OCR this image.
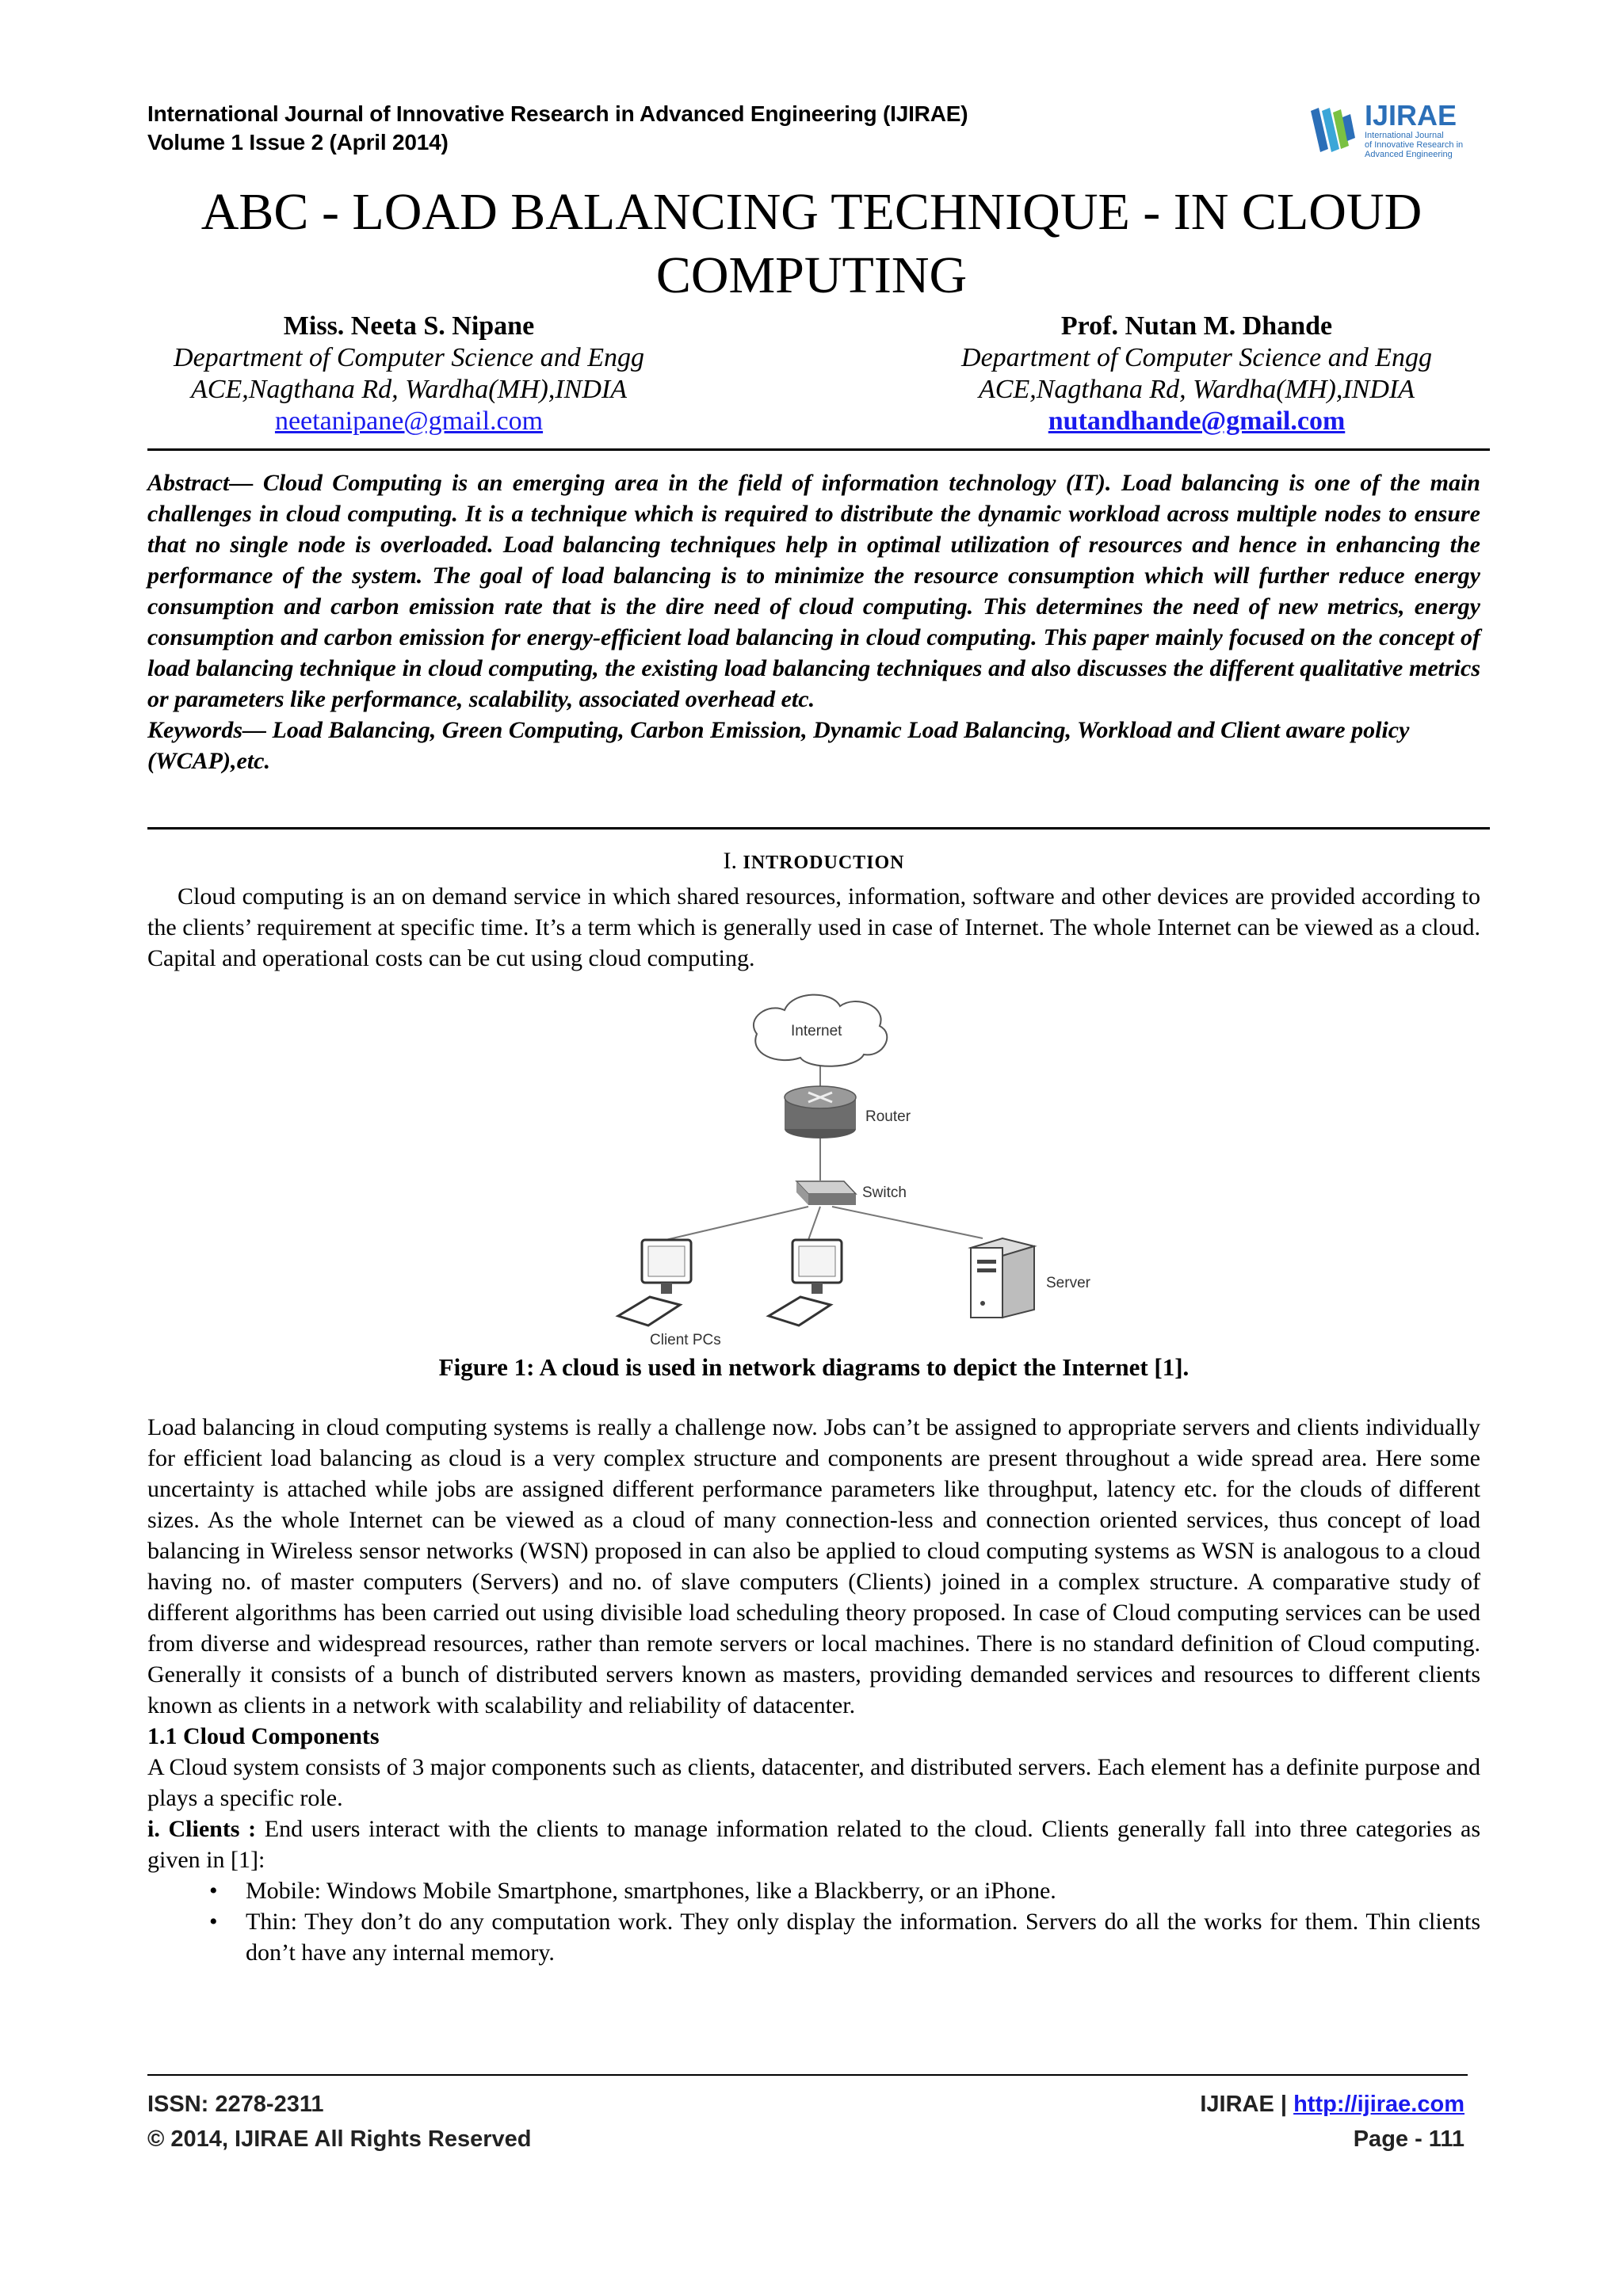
International Journal of Innovative Research in Advanced Engineering (IJIRAE)
Volume 1 Issue 2 (April 2014)
IJIRAE
International Journal
of Innovative Research in
Advanced Engineering
ABC - LOAD BALANCING TECHNIQUE - IN CLOUD COMPUTING
Miss. Neeta S. Nipane
Department of Computer Science and Engg
ACE,Nagthana Rd, Wardha(MH),INDIA
neetanipane@gmail.com
Prof. Nutan M. Dhande
Department of Computer Science and Engg
ACE,Nagthana Rd, Wardha(MH),INDIA
nutandhande@gmail.com

Abstract— Cloud Computing is an emerging area in the field of information technology (IT). Load balancing is one of the main challenges in cloud computing. It is a technique which is required to distribute the dynamic workload across multiple nodes to ensure that no single node is overloaded. Load balancing techniques help in optimal utilization of resources and hence in enhancing the performance of the system. The goal of load balancing is to minimize the resource consumption which will further reduce energy consumption and carbon emission rate that is the dire need of cloud computing. This determines the need of new metrics, energy consumption and carbon emission for energy-efficient load balancing in cloud computing. This paper mainly focused on the concept of load balancing technique in cloud computing, the existing load balancing techniques and also discusses the different qualitative metrics or parameters like performance, scalability, associated overhead etc.

Keywords— Load Balancing, Green Computing, Carbon Emission, Dynamic Load Balancing, Workload and Client aware policy (WCAP),etc.

I. INTRODUCTION

Cloud computing is an on demand service in which shared resources, information, software and other devices are provided according to the clients’ requirement at specific time. It’s a term which is generally used in case of Internet. The whole Internet can be viewed as a cloud. Capital and operational costs can be cut using cloud computing.

Internet
Router
Switch
Client PCs
Server
Figure 1: A cloud is used in network diagrams to depict the Internet [1].

Load balancing in cloud computing systems is really a challenge now. Jobs can’t be assigned to appropriate servers and clients individually for efficient load balancing as cloud is a very complex structure and components are present throughout a wide spread area. Here some uncertainty is attached while jobs are assigned different performance parameters like throughput, latency etc. for the clouds of different sizes. As the whole Internet can be viewed as a cloud of many connection-less and connection oriented services, thus concept of load balancing in Wireless sensor networks (WSN) proposed in can also be applied to cloud computing systems as WSN is analogous to a cloud having no. of master computers (Servers) and no. of slave computers (Clients) joined in a complex structure. A comparative study of different algorithms has been carried out using divisible load scheduling theory proposed. In case of Cloud computing services can be used from diverse and widespread resources, rather than remote servers or local machines. There is no standard definition of Cloud computing. Generally it consists of a bunch of distributed servers known as masters, providing demanded services and resources to different clients known as clients in a network with scalability and reliability of datacenter.

1.1 Cloud Components

A Cloud system consists of 3 major components such as clients, datacenter, and distributed servers. Each element has a definite purpose and plays a specific role.

i. Clients : End users interact with the clients to manage information related to the cloud. Clients generally fall into three categories as given in [1]:

• Mobile: Windows Mobile Smartphone, smartphones, like a Blackberry, or an iPhone.

• Thin: They don’t do any computation work. They only display the information. Servers do all the works for them. Thin clients don’t have any internal memory.

ISSN: 2278-2311
© 2014, IJIRAE All Rights Reserved
IJIRAE | http://ijirae.com
Page - 111
